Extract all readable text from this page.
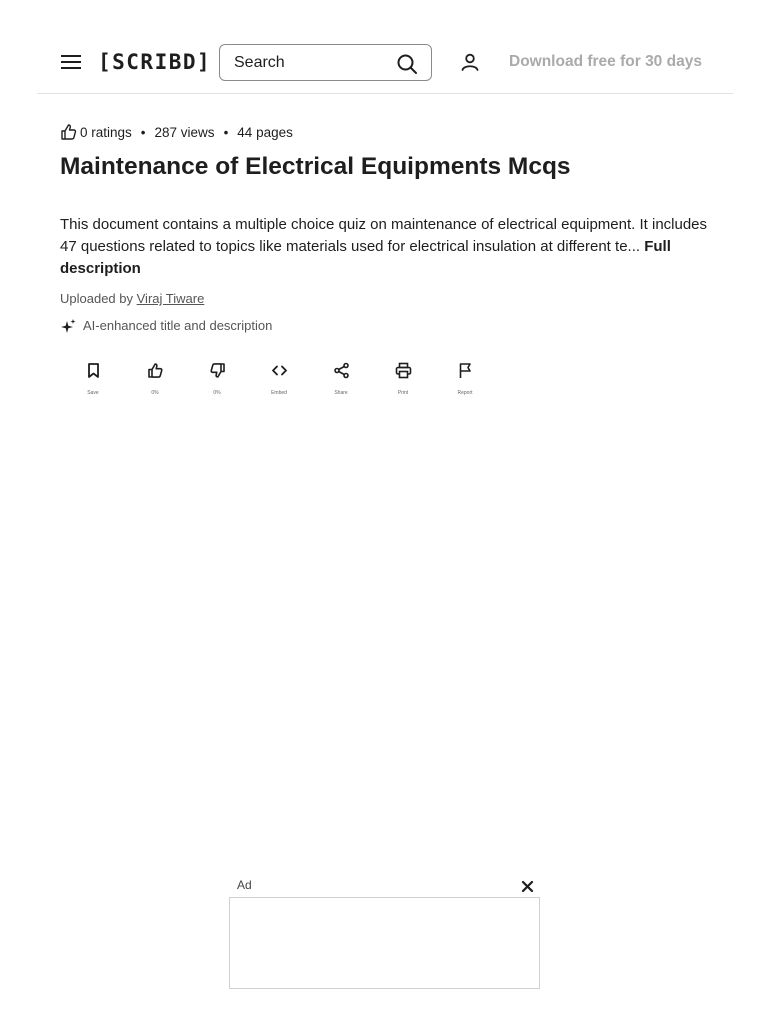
[SCRIBD]
Search	Download free for 30 days
0 ratings • 287 views • 44 pages
Maintenance of Electrical Equipments Mcqs

This document contains a multiple choice quiz on maintenance of electrical equipment. It includes 47 questions related to topics like materials used for electrical insulation at different te... Full description

Uploaded by Viraj Tiware
AI-enhanced title and description
Save	0%	0%	Embed	Share	Print	Report
Ad
